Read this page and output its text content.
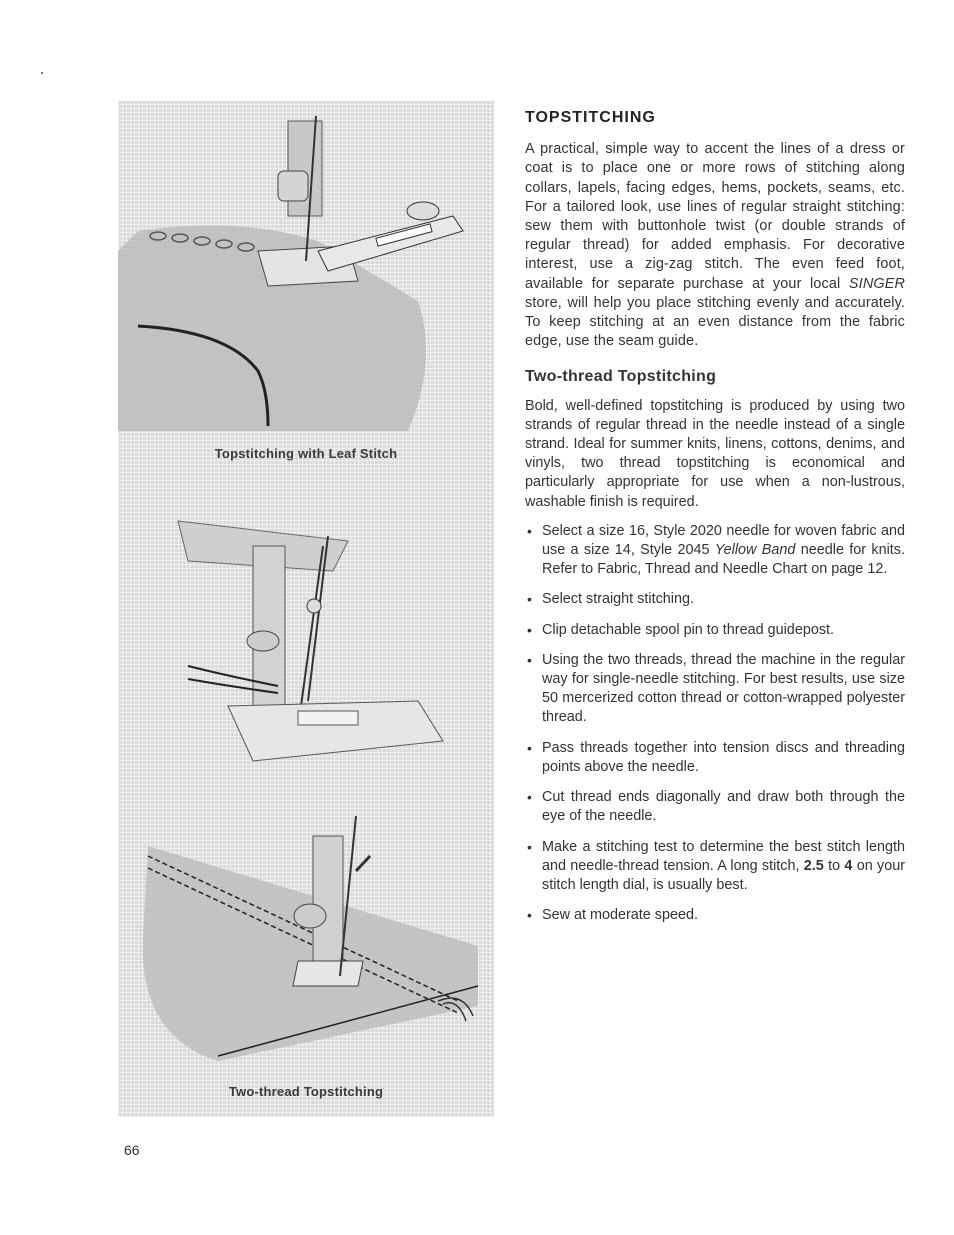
Topstitching with Leaf Stitch
Two-thread Topstitching
TOPSTITCHING

A practical, simple way to accent the lines of a dress or coat is to place one or more rows of stitching along collars, lapels, facing edges, hems, pockets, seams, etc. For a tailored look, use lines of regular straight stitching: sew them with buttonhole twist (or double strands of regular thread) for added emphasis. For decorative interest, use a zig-zag stitch. The even feed foot, available for separate purchase at your local SINGER store, will help you place stitching evenly and accurately. To keep stitching at an even distance from the fabric edge, use the seam guide.

Two-thread Topstitching

Bold, well-defined topstitching is produced by using two strands of regular thread in the needle instead of a single strand. Ideal for summer knits, linens, cottons, denims, and vinyls, two thread topstitching is economical and particularly appropriate for use when a non-lustrous, washable finish is required.

• Select a size 16, Style 2020 needle for woven fabric and use a size 14, Style 2045 Yellow Band needle for knits. Refer to Fabric, Thread and Needle Chart on page 12.
• Select straight stitching.
• Clip detachable spool pin to thread guidepost.
• Using the two threads, thread the machine in the regular way for single-needle stitching. For best results, use size 50 mercerized cotton thread or cotton-wrapped polyester thread.
• Pass threads together into tension discs and threading points above the needle.
• Cut thread ends diagonally and draw both through the eye of the needle.
• Make a stitching test to determine the best stitch length and needle-thread tension. A long stitch, 2.5 to 4 on your stitch length dial, is usually best.
• Sew at moderate speed.
66
